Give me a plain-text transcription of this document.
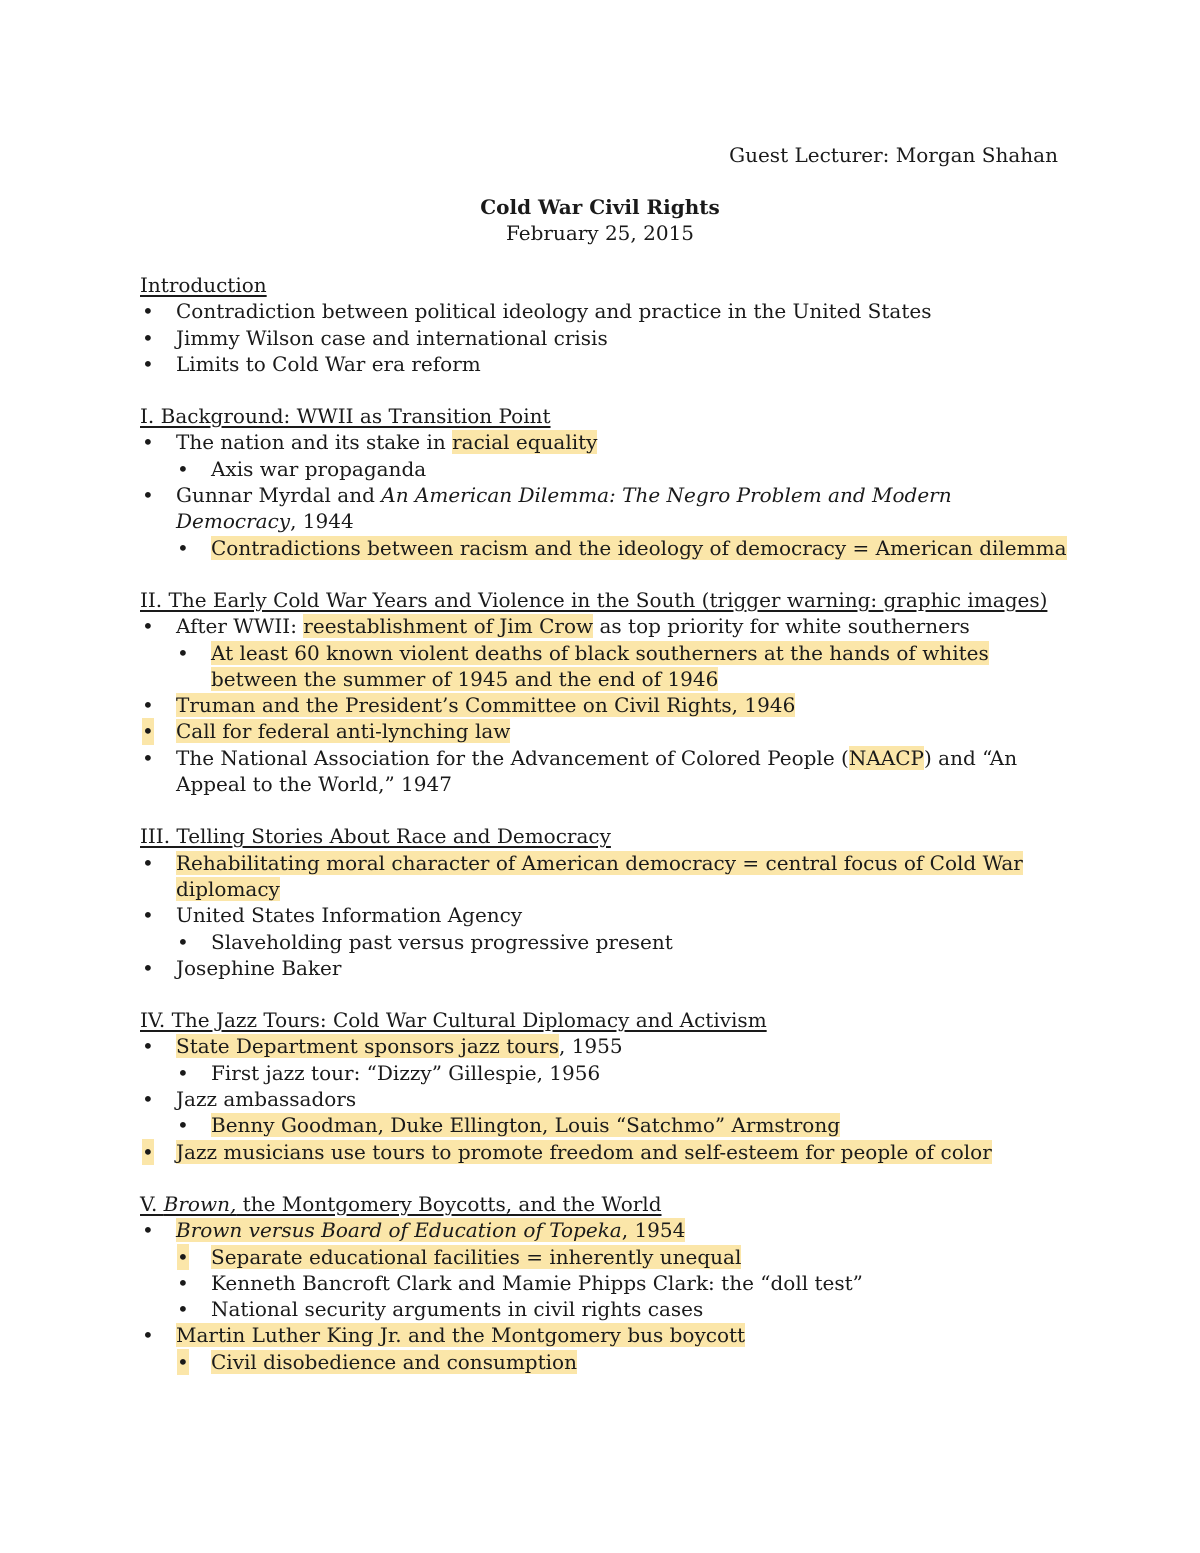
Guest Lecturer: Morgan Shahan
Cold War Civil Rights
February 25, 2015
Introduction
• Contradiction between political ideology and practice in the United States
• Jimmy Wilson case and international crisis
• Limits to Cold War era reform
I. Background: WWII as Transition Point
• The nation and its stake in racial equality
• Axis war propaganda
• Gunnar Myrdal and An American Dilemma: The Negro Problem and Modern Democracy, 1944
• Contradictions between racism and the ideology of democracy = American dilemma
II. The Early Cold War Years and Violence in the South (trigger warning: graphic images)
• After WWII: reestablishment of Jim Crow as top priority for white southerners
• At least 60 known violent deaths of black southerners at the hands of whites between the summer of 1945 and the end of 1946
• Truman and the President’s Committee on Civil Rights, 1946
• Call for federal anti-lynching law
• The National Association for the Advancement of Colored People (NAACP) and “An Appeal to the World,” 1947
III. Telling Stories About Race and Democracy
• Rehabilitating moral character of American democracy = central focus of Cold War diplomacy
• United States Information Agency
• Slaveholding past versus progressive present
• Josephine Baker
IV. The Jazz Tours: Cold War Cultural Diplomacy and Activism
• State Department sponsors jazz tours, 1955
• First jazz tour: “Dizzy” Gillespie, 1956
• Jazz ambassadors
• Benny Goodman, Duke Ellington, Louis “Satchmo” Armstrong
• Jazz musicians use tours to promote freedom and self-esteem for people of color
V. Brown, the Montgomery Boycotts, and the World
• Brown versus Board of Education of Topeka, 1954
• Separate educational facilities = inherently unequal
• Kenneth Bancroft Clark and Mamie Phipps Clark: the “doll test”
• National security arguments in civil rights cases
• Martin Luther King Jr. and the Montgomery bus boycott
• Civil disobedience and consumption
